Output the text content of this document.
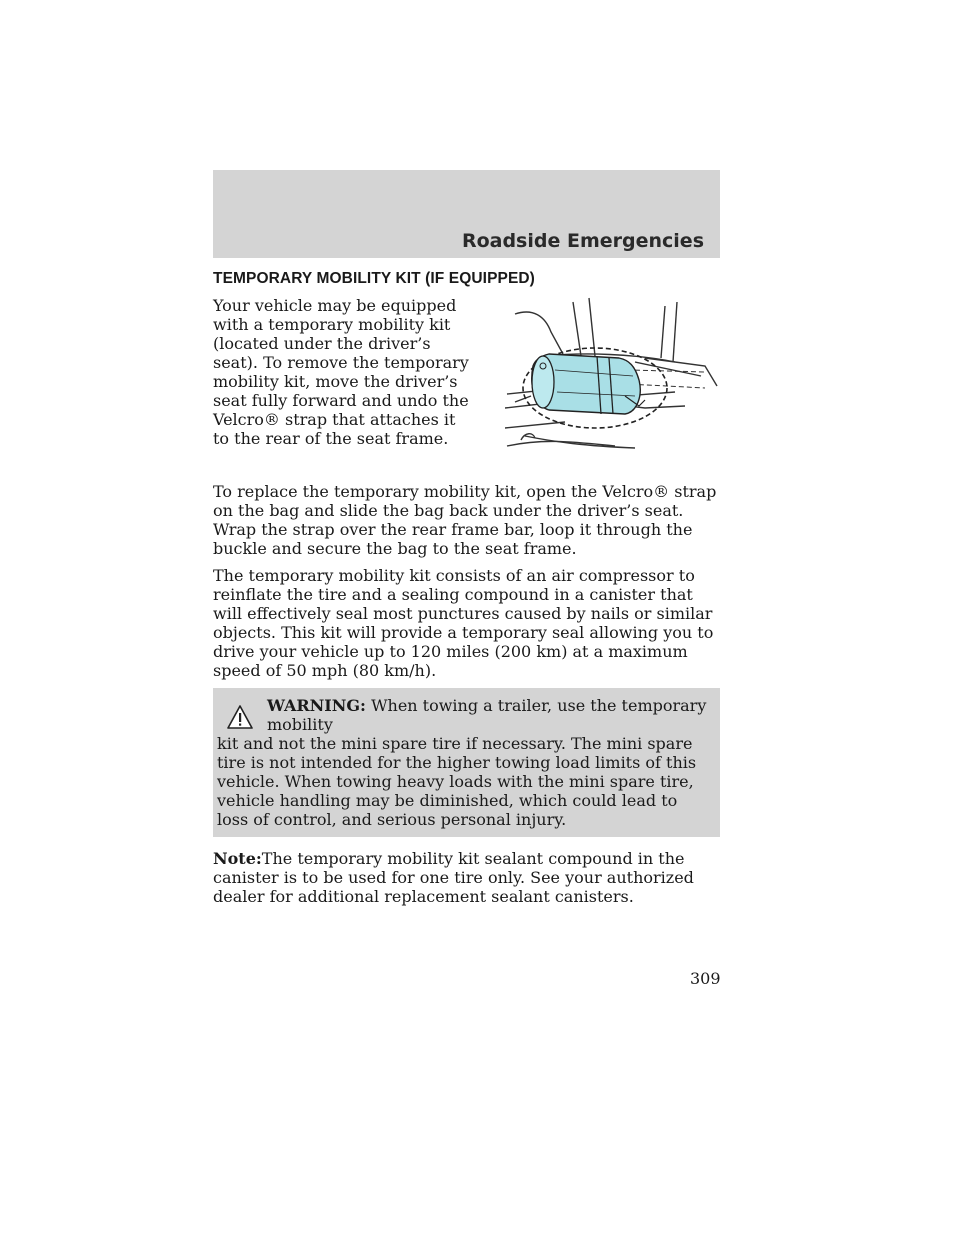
Roadside Emergencies
TEMPORARY MOBILITY KIT (IF EQUIPPED)

Your vehicle may be equipped with a temporary mobility kit (located under the driver’s seat). To remove the temporary mobility kit, move the driver’s seat fully forward and undo the Velcro® strap that attaches it to the rear of the seat frame.

To replace the temporary mobility kit, open the Velcro® strap on the bag and slide the bag back under the driver’s seat. Wrap the strap over the rear frame bar, loop it through the buckle and secure the bag to the seat frame.

The temporary mobility kit consists of an air compressor to reinflate the tire and a sealing compound in a canister that will effectively seal most punctures caused by nails or similar objects. This kit will provide a temporary seal allowing you to drive your vehicle up to 120 miles (200 km) at a maximum speed of 50 mph (80 km/h).

WARNING: When towing a trailer, use the temporary mobility
kit and not the mini spare tire if necessary. The mini spare tire is not intended for the higher towing load limits of this vehicle. When towing heavy loads with the mini spare tire, vehicle handling may be diminished, which could lead to loss of control, and serious personal injury.

Note:The temporary mobility kit sealant compound in the canister is to be used for one tire only. See your authorized dealer for additional replacement sealant canisters.

309
